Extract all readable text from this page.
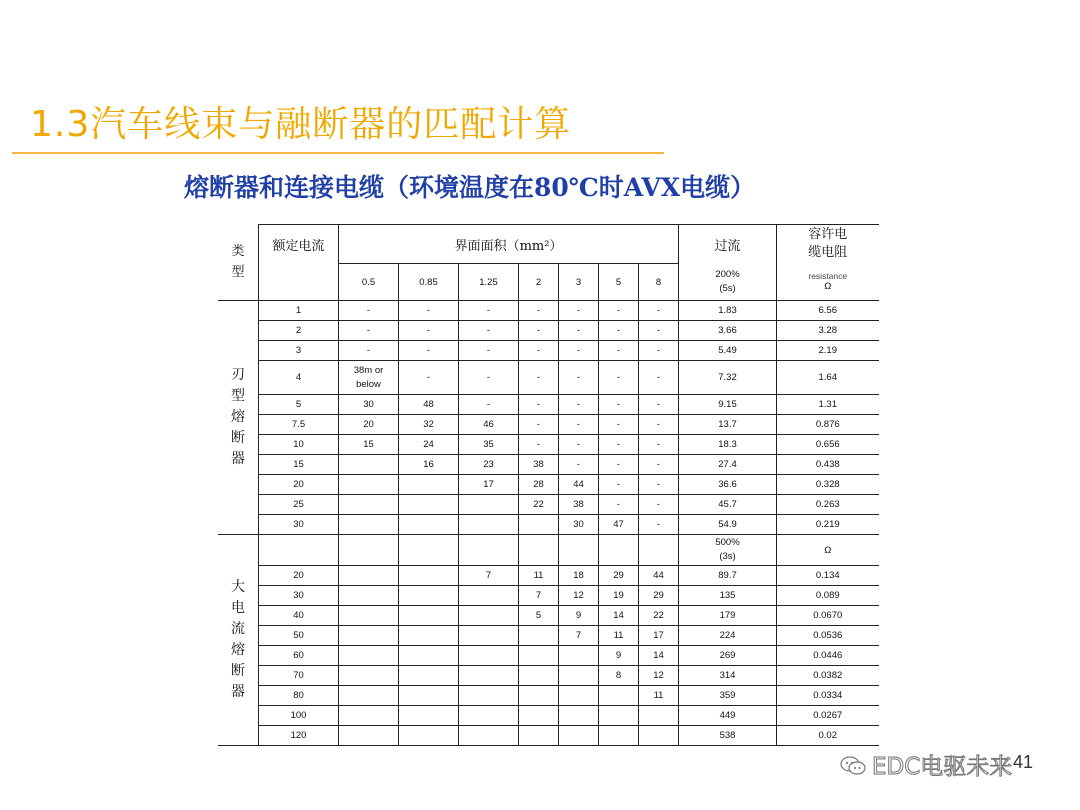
1.3汽车线束与融断器的匹配计算
熔断器和连接电缆（环境温度在80℃时AVX电缆）
类型	额定电流	界面面积（mm²）							过流	容许电缆电阻

		0.5	0.85	1.25	2	3	5	8	200%
(5s)	resistance
Ω
刃型熔断器	1	-	-	-	-	-	-	-	1.83	6.56
	2	-	-	-	-	-	-	-	3.66	3.28
	3	-	-	-	-	-	-	-	5.49	2.19
	4	38m or
below	-	-	-	-	-	-	7.32	1.64
	5	30	48	-	-	-	-	-	9.15	1.31
	7.5	20	32	46	-	-	-	-	13.7	0.876
	10	15	24	35	-	-	-	-	18.3	0.656
	15		16	23	38	-	-	-	27.4	0.438
	20			17	28	44	-	-	36.6	0.328
	25				22	38	-	-	45.7	0.263
	30					30	47	-	54.9	0.219
大电流熔断器									500%
(3s)	Ω
	20			7	11	18	29	44	89.7	0.134
	30				7	12	19	29	135	0.089
	40				5	9	14	22	179	0.0670
	50					7	11	17	224	0.0536
	60						9	14	269	0.0446
	70						8	12	314	0.0382
	80							11	359	0.0334
	100								449	0.0267
	120								538	0.02
EDC电驱未来 41
